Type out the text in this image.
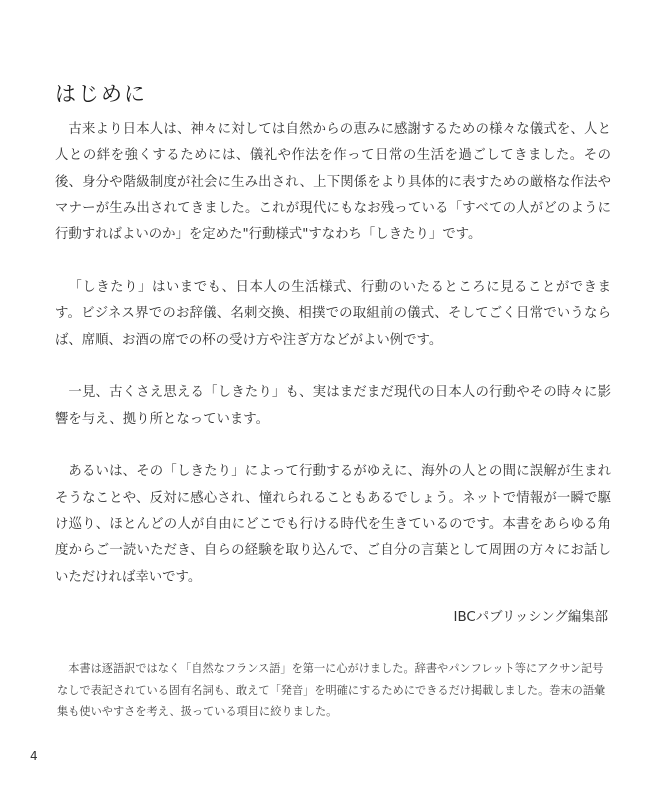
はじめに

古来より日本人は、神々に対しては自然からの恵みに感謝するための様々な儀式を、人と人との絆を強くするためには、儀礼や作法を作って日常の生活を過ごしてきました。その後、身分や階級制度が社会に生み出され、上下関係をより具体的に表すための厳格な作法やマナーが生み出されてきました。これが現代にもなお残っている「すべての人がどのように行動すればよいのか」を定めた"行動様式"すなわち「しきたり」です。

「しきたり」はいまでも、日本人の生活様式、行動のいたるところに見ることができます。ビジネス界でのお辞儀、名刺交換、相撲での取組前の儀式、そしてごく日常でいうならば、席順、お酒の席での杯の受け方や注ぎ方などがよい例です。

一見、古くさえ思える「しきたり」も、実はまだまだ現代の日本人の行動やその時々に影響を与え、拠り所となっています。

あるいは、その「しきたり」によって行動するがゆえに、海外の人との間に誤解が生まれそうなことや、反対に感心され、憧れられることもあるでしょう。ネットで情報が一瞬で駆け巡り、ほとんどの人が自由にどこでも行ける時代を生きているのです。本書をあらゆる角度からご一読いただき、自らの経験を取り込んで、ご自分の言葉として周囲の方々にお話しいただければ幸いです。

IBCパブリッシング編集部
本書は逐語訳ではなく「自然なフランス語」を第一に心がけました。辞書やパンフレット等にアクサン記号なしで表記されている固有名詞も、敢えて「発音」を明確にするためにできるだけ掲載しました。巻末の語彙集も使いやすさを考え、扱っている項目に絞りました。
4
